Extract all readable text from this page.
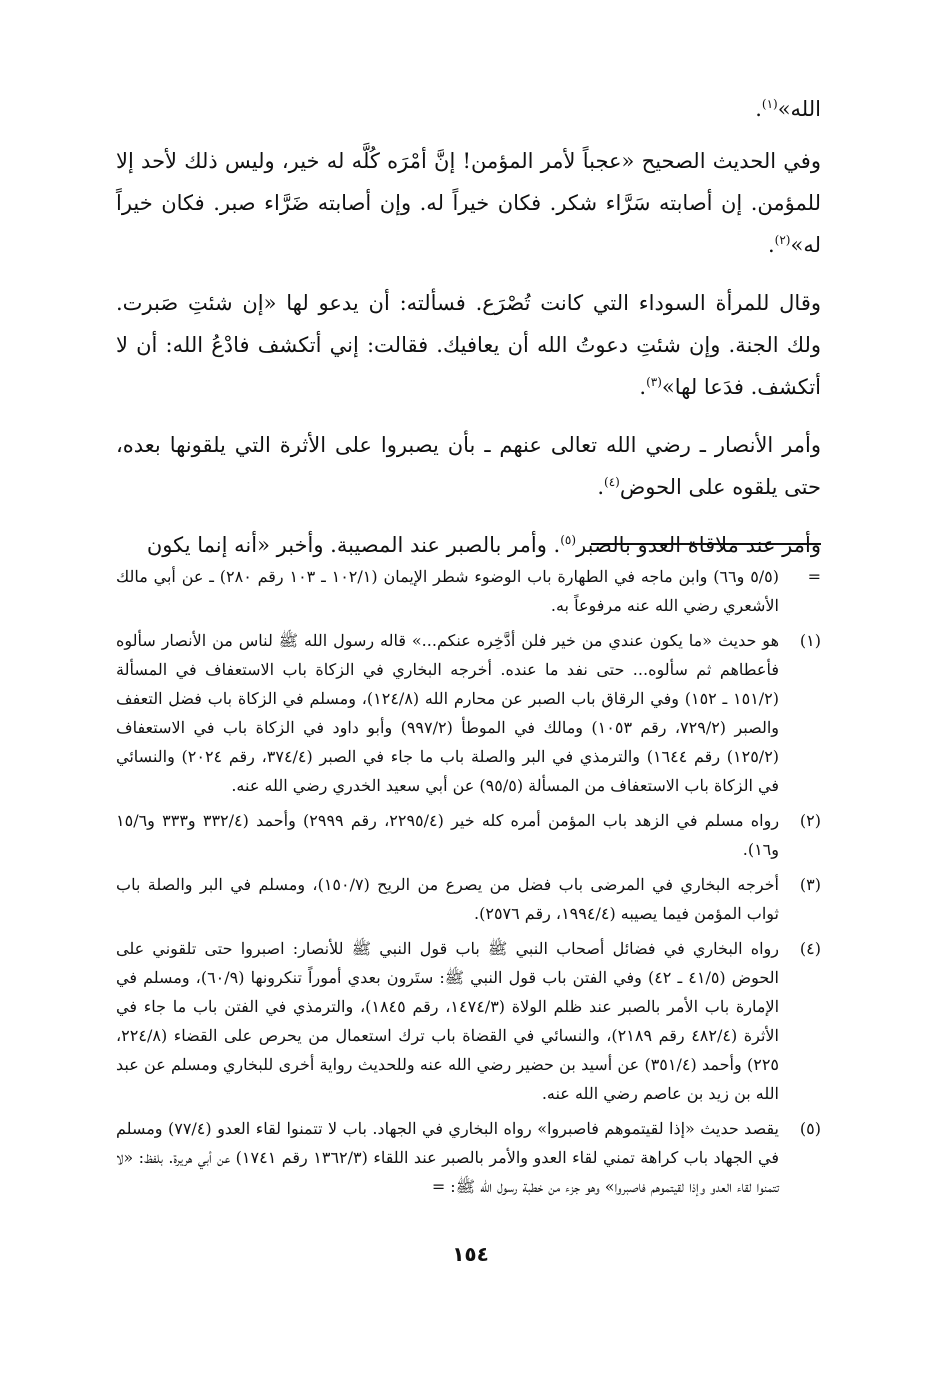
الله»$^{(١)}$.

وفي الحديث الصحيح «عجباً لأمر المؤمن! إنَّ أمْرَه كُلَّه له خير، وليس ذلك لأحد إلا للمؤمن. إن أصابته سَرَّاء شكر. فكان خيراً له. وإن أصابته ضَرَّاء صبر. فكان خيراً له»$^{(٢)}$.

وقال للمرأة السوداء التي كانت تُصْرَع. فسألته: أن يدعو لها «إن شئتِ صَبرت. ولك الجنة. وإن شئتِ دعوتُ الله أن يعافيك. فقالت: إني أتكشف فادْعُ الله: أن لا أتكشف. فدَعا لها»$^{(٣)}$.

وأمر الأنصار ـ رضي الله تعالى عنهم ـ بأن يصبروا على الأثرة التي يلقونها بعده، حتى يلقوه على الحوض$^{(٤)}$.

وأمر عند ملاقاة العدو بالصبر$^{(٥)}$. وأمر بالصبر عند المصيبة. وأخبر «أنه إنما يكون

=
(٥/٥ و٦٦) وابن ماجه في الطهارة باب الوضوء شطر الإيمان (١٠٢/١ ـ ١٠٣ رقم ٢٨٠) ـ عن أبي مالك الأشعري رضي الله عنه مرفوعاً به.
(١)
هو حديث «ما يكون عندي من خير فلن أدَّخِره عنكم...» قاله رسول الله ﷺ لناس من الأنصار سألوه فأعطاهم ثم سألوه... حتى نفد ما عنده. أخرجه البخاري في الزكاة باب الاستعفاف في المسألة (١٥١/٢ ـ ١٥٢) وفي الرقاق باب الصبر عن محارم الله (١٢٤/٨)، ومسلم في الزكاة باب فضل التعفف والصبر (٧٢٩/٢، رقم ١٠٥٣) ومالك في الموطأ (٩٩٧/٢) وأبو داود في الزكاة باب في الاستعفاف (١٢٥/٢) رقم ١٦٤٤) والترمذي في البر والصلة باب ما جاء في الصبر (٣٧٤/٤، رقم ٢٠٢٤) والنسائي في الزكاة باب الاستعفاف من المسألة (٩٥/٥) عن أبي سعيد الخدري رضي الله عنه.
(٢)
رواه مسلم في الزهد باب المؤمن أمره كله خير (٢٢٩٥/٤، رقم ٢٩٩٩) وأحمد (٣٣٢/٤ و٣٣٣ و١٥/٦ و١٦).
(٣)
أخرجه البخاري في المرضى باب فضل من يصرع من الريح (١٥٠/٧)، ومسلم في البر والصلة باب ثواب المؤمن فيما يصيبه (١٩٩٤/٤، رقم ٢٥٧٦).
(٤)
رواه البخاري في فضائل أصحاب النبي ﷺ باب قول النبي ﷺ للأنصار: اصبروا حتى تلقوني على الحوض (٤١/٥ ـ ٤٢) وفي الفتن باب قول النبي ﷺ: ستَرون بعدي أموراً تنكرونها (٦٠/٩)، ومسلم في الإمارة باب الأمر بالصبر عند ظلم الولاة (١٤٧٤/٣، رقم ١٨٤٥)، والترمذي في الفتن باب ما جاء في الأثرة (٤٨٢/٤ رقم ٢١٨٩)، والنسائي في القضاة باب ترك استعمال من يحرص على القضاء (٢٢٤/٨، ٢٢٥) وأحمد (٣٥١/٤) عن أسيد بن حضير رضي الله عنه وللحديث رواية أخرى للبخاري ومسلم عن عبد الله بن زيد بن عاصم رضي الله عنه.
(٥)
يقصد حديث «إذا لقيتموهم فاصبروا» رواه البخاري في الجهاد. باب لا تتمنوا لقاء العدو (٧٧/٤) ومسلم في الجهاد باب كراهة تمني لقاء العدو والأمر بالصبر عند اللقاء (١٣٦٢/٣ رقم ١٧٤١) عن أبي هريرة. بلفظ: «لا تتمنوا لقاء العدو وإذا لقيتموهم فاصبروا» وهو جزء من خطبة رسول الله ﷺ: =
١٥٤
